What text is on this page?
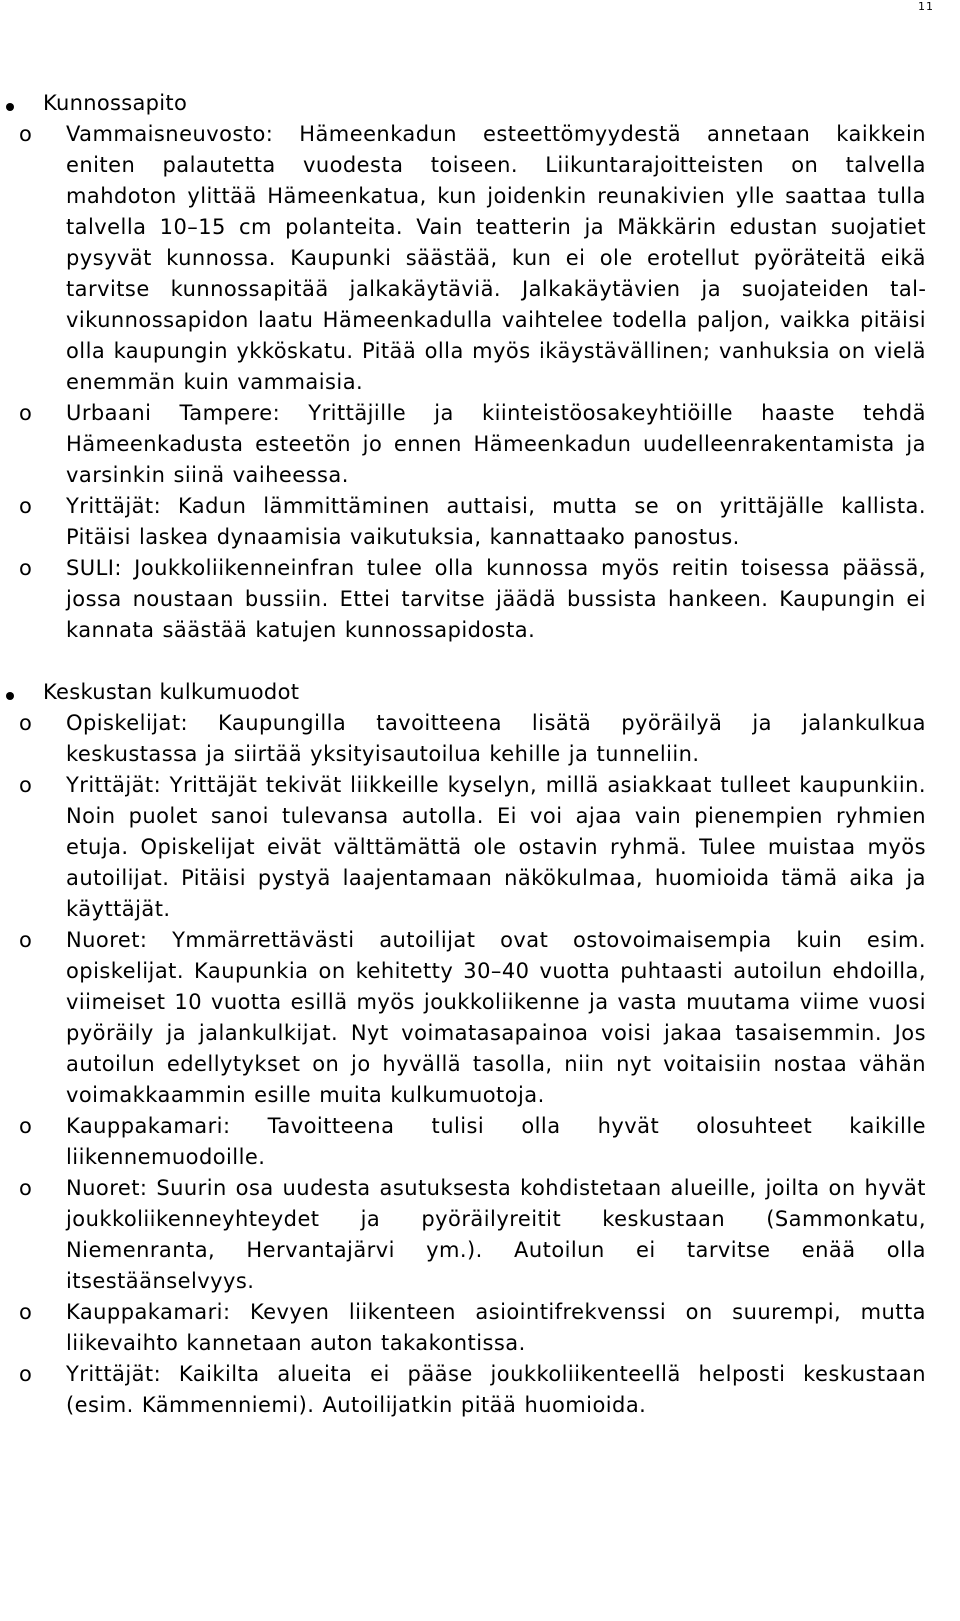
11
Kunnossapito
o	Vammaisneuvosto: Hämeenkadun esteettömyydestä annetaan kaikkein eniten palautetta vuodesta toiseen. Liikuntarajoitteisten on talvella mahdoton ylittää Hämeenkatua, kun joidenkin reunakivien ylle saattaa tulla talvella 10–15 cm polanteita. Vain teatterin ja Mäkkärin edustan suojatiet pysyvät kunnossa. Kaupunki säästää, kun ei ole erotellut pyöräteitä eikä tarvitse kunnossapitää jalkakäytäviä. Jalkakäytävien ja suojateiden talvikunnossapidon laatu Hämeenkadulla vaihtelee todella paljon, vaikka pitäisi olla kaupungin ykköskatu. Pitää olla myös ikäystävällinen; vanhuksia on vielä enemmän kuin vammaisia.

o	Urbaani Tampere: Yrittäjille ja kiinteistöosakeyhtiöille haaste tehdä Hämeenkadusta esteetön jo ennen Hämeenkadun uudelleenrakentamista ja varsinkin siinä vaiheessa.

o	Yrittäjät: Kadun lämmittäminen auttaisi, mutta se on yrittäjälle kallista. Pitäisi laskea dynaamisia vaikutuksia, kannattaako panostus.

o	SULI: Joukkoliikenneinfran tulee olla kunnossa myös reitin toisessa päässä, jossa noustaan bussiin. Ettei tarvitse jäädä bussista hankeen. Kaupungin ei kannata säästää katujen kunnossapidosta.

Keskustan kulkumuodot
o	Opiskelijat: Kaupungilla tavoitteena lisätä pyöräilyä ja jalankulkua keskustassa ja siirtää yksityisautoilua kehille ja tunneliin.

o	Yrittäjät: Yrittäjät tekivät liikkeille kyselyn, millä asiakkaat tulleet kaupunkiin. Noin puolet sanoi tulevansa autolla. Ei voi ajaa vain pienempien ryhmien etuja. Opiskelijat eivät välttämättä ole ostavin ryhmä. Tulee muistaa myös autoilijat. Pitäisi pystyä laajentamaan näkökulmaa, huomioida tämä aika ja käyttäjät.

o	Nuoret: Ymmärrettävästi autoilijat ovat ostovoimaisempia kuin esim. opiskelijat. Kaupunkia on kehitetty 30–40 vuotta puhtaasti autoilun ehdoilla, viimeiset 10 vuotta esillä myös joukkoliikenne ja vasta muutama viime vuosi pyöräily ja jalankulkijat. Nyt voimatasapainoa voisi jakaa tasaisemmin. Jos autoilun edellytykset on jo hyvällä tasolla, niin nyt voitaisiin nostaa vähän voimakkaammin esille muita kulkumuotoja.

o	Kauppakamari: Tavoitteena tulisi olla hyvät olosuhteet kaikille liikennemuodoille.

o	Nuoret: Suurin osa uudesta asutuksesta kohdistetaan alueille, joilta on hyvät joukkoliikenneyhteydet ja pyöräilyreitit keskustaan (Sammonkatu, Niemenranta, Hervantajärvi ym.). Autoilun ei tarvitse enää olla itsestäänselvyys.

o	Kauppakamari: Kevyen liikenteen asiointifrekvenssi on suurempi, mutta liikevaihto kannetaan auton takakontissa.

o	Yrittäjät: Kaikilta alueita ei pääse joukkoliikenteellä helposti keskustaan (esim. Kämmenniemi). Autoilijatkin pitää huomioida.
